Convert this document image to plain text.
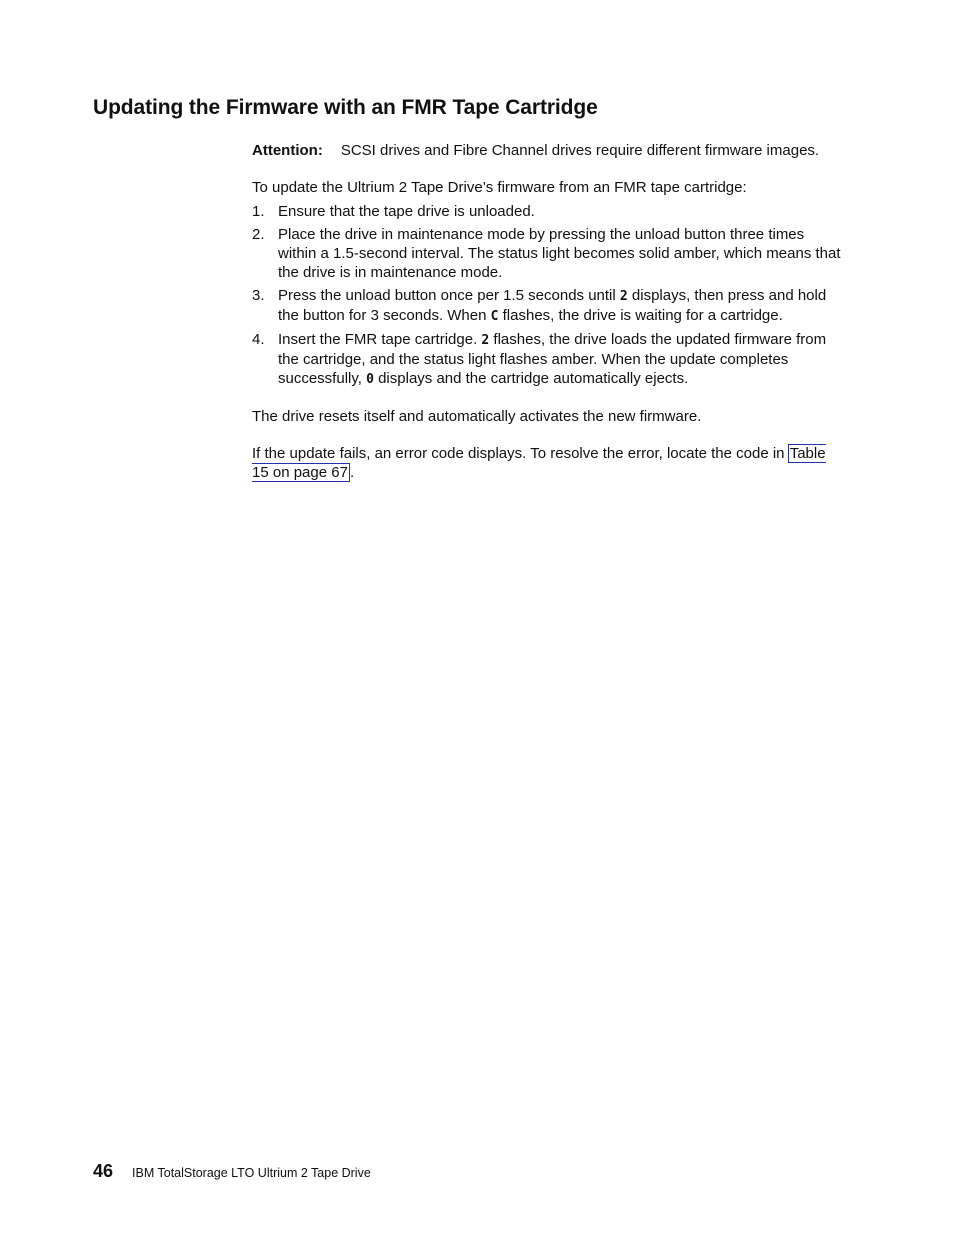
Updating the Firmware with an FMR Tape Cartridge

Attention: SCSI drives and Fibre Channel drives require different firmware images.

To update the Ultrium 2 Tape Drive’s firmware from an FMR tape cartridge:

1. Ensure that the tape drive is unloaded.
2. Place the drive in maintenance mode by pressing the unload button three times within a 1.5-second interval. The status light becomes solid amber, which means that the drive is in maintenance mode.
3. Press the unload button once per 1.5 seconds until 2 displays, then press and hold the button for 3 seconds. When C flashes, the drive is waiting for a cartridge.
4. Insert the FMR tape cartridge. 2 flashes, the drive loads the updated firmware from the cartridge, and the status light flashes amber. When the update completes successfully, 0 displays and the cartridge automatically ejects.

The drive resets itself and automatically activates the new firmware.

If the update fails, an error code displays. To resolve the error, locate the code in Table 15 on page 67 .

46 IBM TotalStorage LTO Ultrium 2 Tape Drive
